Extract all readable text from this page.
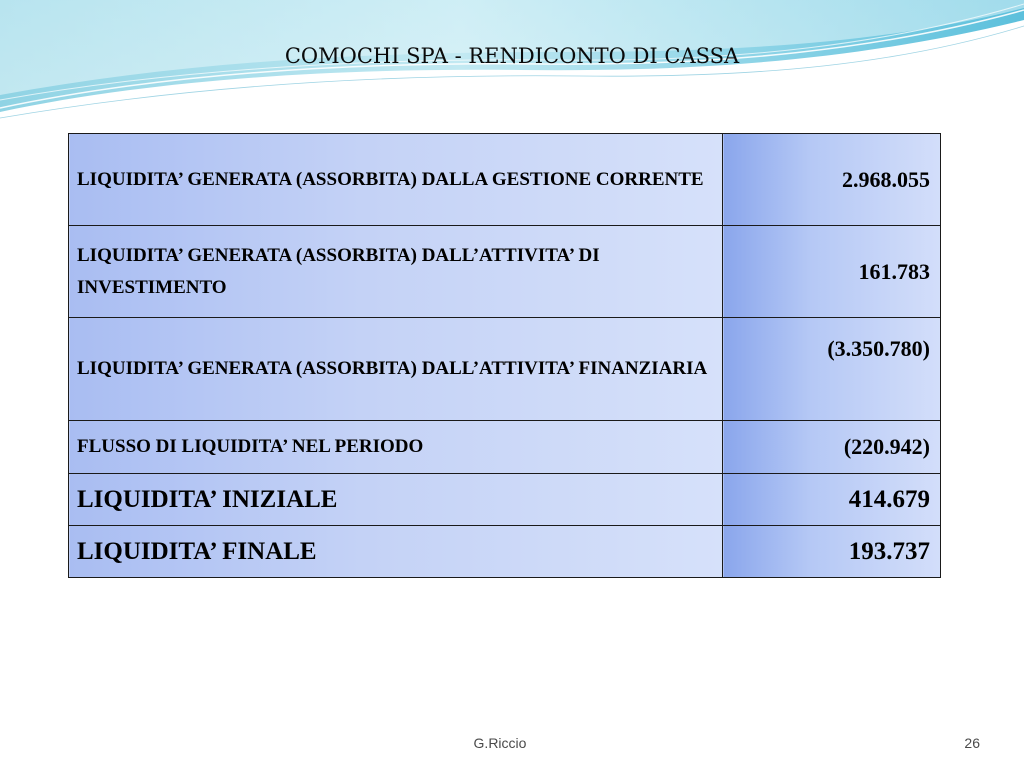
COMOCHI SPA - RENDICONTO DI CASSA
LIQUIDITA’ GENERATA (ASSORBITA) DALLA GESTIONE CORRENTE	2.968.055
LIQUIDITA’ GENERATA (ASSORBITA) DALL’ATTIVITA’ DI INVESTIMENTO	161.783
LIQUIDITA’ GENERATA (ASSORBITA) DALL’ATTIVITA’ FINANZIARIA	(3.350.780)
FLUSSO DI LIQUIDITA’ NEL PERIODO	(220.942)
LIQUIDITA’ INIZIALE	414.679
LIQUIDITA’ FINALE	193.737
G.Riccio	26
